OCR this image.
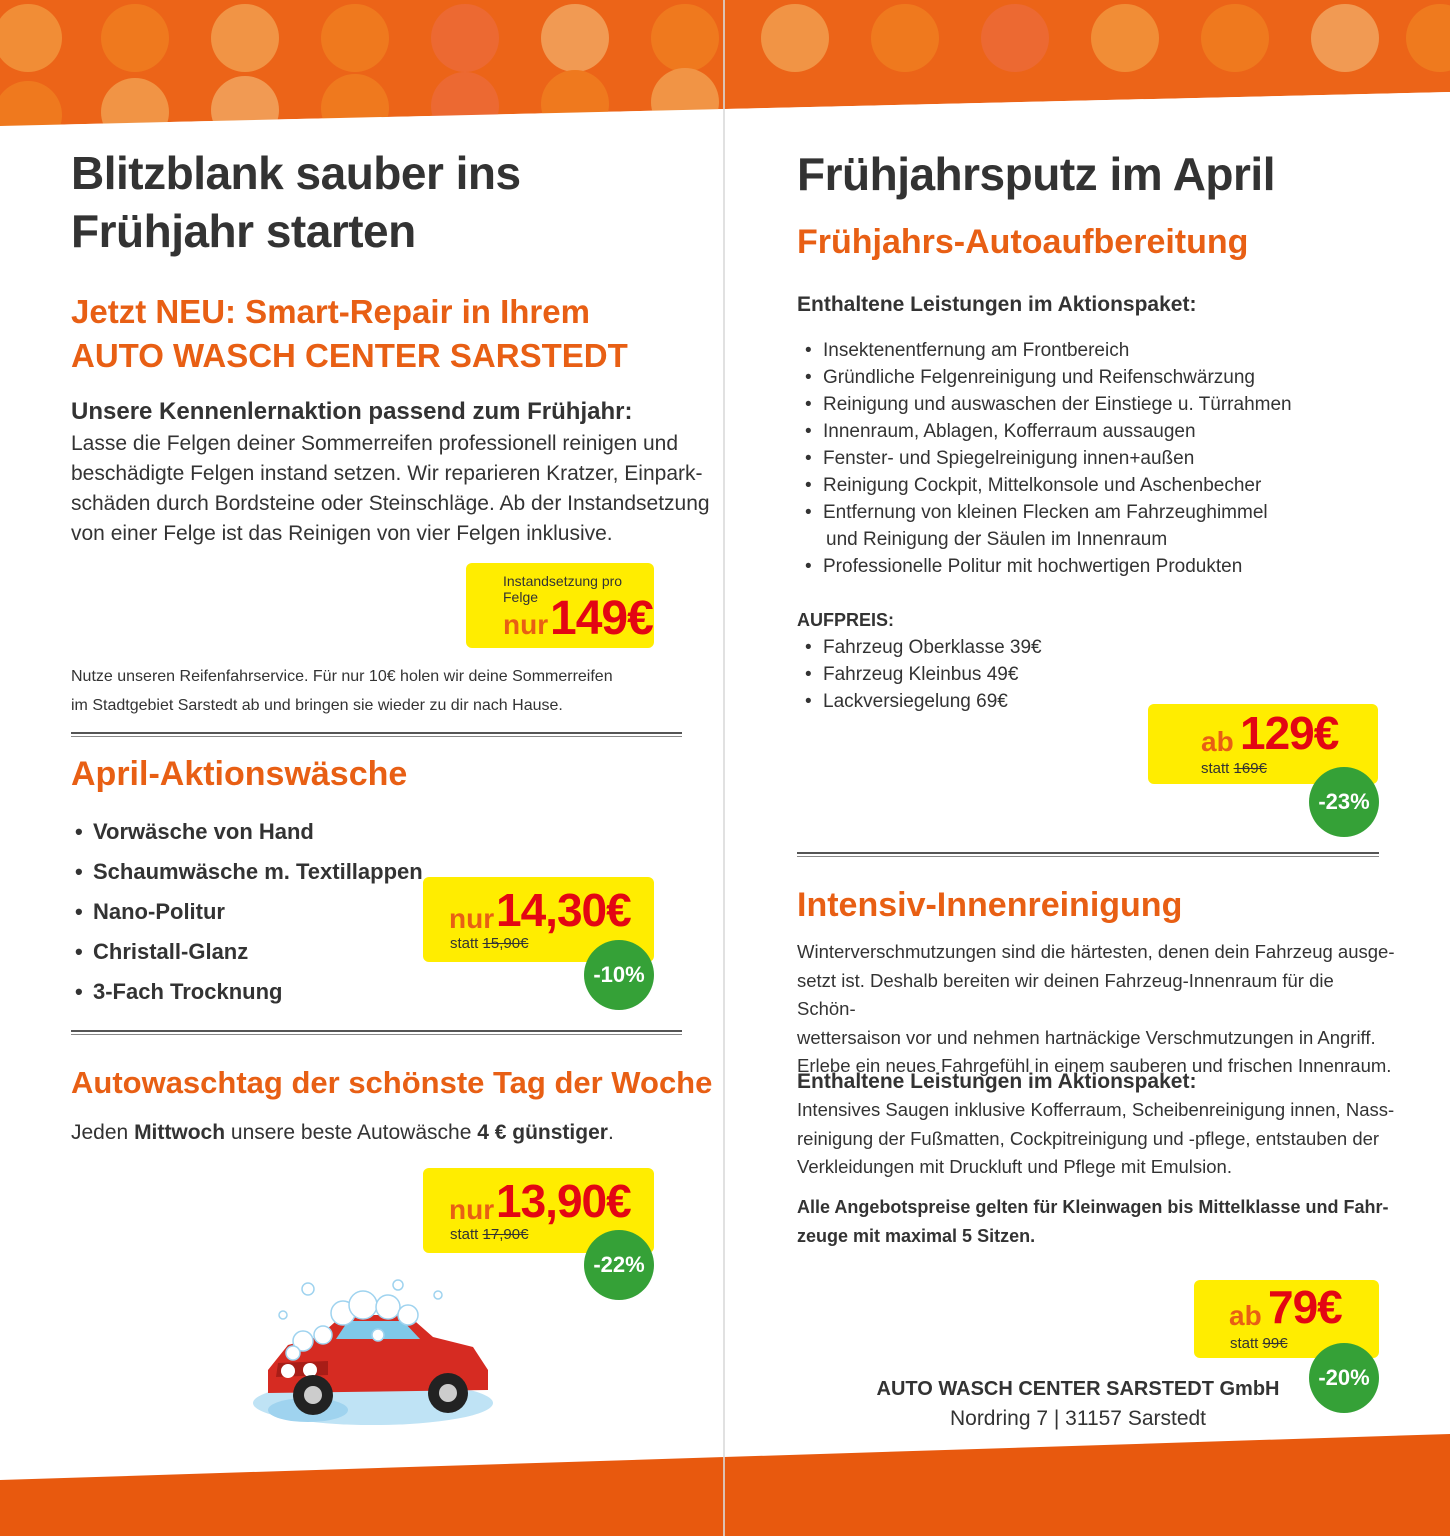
Blitzblank sauber ins
Frühjahr starten
Jetzt NEU: Smart-Repair in Ihrem
AUTO WASCH CENTER SARSTEDT
Unsere Kennenlernaktion passend zum Frühjahr:
Lasse die Felgen deiner Sommerreifen professionell reinigen und
beschädigte Felgen instand setzen. Wir reparieren Kratzer, Einpark-
schäden durch Bordsteine oder Steinschläge. Ab der Instandsetzung
von einer Felge ist das Reinigen von vier Felgen inklusive.
Instandsetzung pro Felge
nur 149€
Nutze unseren Reifenfahrservice. Für nur 10€ holen wir deine Sommerreifen
im Stadtgebiet Sarstedt ab und bringen sie wieder zu dir nach Hause.
April-Aktionswäsche
• Vorwäsche von Hand
• Schaumwäsche m. Textillappen
• Nano-Politur
• Christall-Glanz
• 3-Fach Trocknung
nur 14,30€
statt 15,90€
-10%
Autowaschtag der schönste Tag der Woche
Jeden Mittwoch unsere beste Autowäsche 4 € günstiger.
nur 13,90€
statt 17,90€
-22%
Frühjahrsputz im April
Frühjahrs-Autoaufbereitung
Enthaltene Leistungen im Aktionspaket:
• Insektenentfernung am Frontbereich
• Gründliche Felgenreinigung und Reifenschwärzung
• Reinigung und auswaschen der Einstiege u. Türrahmen
• Innenraum, Ablagen, Kofferraum aussaugen
• Fenster- und Spiegelreinigung innen+außen
• Reinigung Cockpit, Mittelkonsole und Aschenbecher
• Entfernung von kleinen Flecken am Fahrzeughimmel
und Reinigung der Säulen im Innenraum
• Professionelle Politur mit hochwertigen Produkten
AUFPREIS:
• Fahrzeug Oberklasse 39€
• Fahrzeug Kleinbus 49€
• Lackversiegelung 69€
ab 129€
statt 169€
-23%
Intensiv-Innenreinigung
Winterverschmutzungen sind die härtesten, denen dein Fahrzeug ausge-
setzt ist. Deshalb bereiten wir deinen Fahrzeug-Innenraum für die Schön-
wettersaison vor und nehmen hartnäckige Verschmutzungen in Angriff.
Erlebe ein neues Fahrgefühl in einem sauberen und frischen Innenraum.
Enthaltene Leistungen im Aktionspaket:
Intensives Saugen inklusive Kofferraum, Scheibenreinigung innen, Nass-
reinigung der Fußmatten, Cockpitreinigung und -pflege, entstauben der
Verkleidungen mit Druckluft und Pflege mit Emulsion.
Alle Angebotspreise gelten für Kleinwagen bis Mittelklasse und Fahr-
zeuge mit maximal 5 Sitzen.
ab 79€
statt 99€
-20%
AUTO WASCH CENTER SARSTEDT GmbH
Nordring 7 | 31157 Sarstedt
